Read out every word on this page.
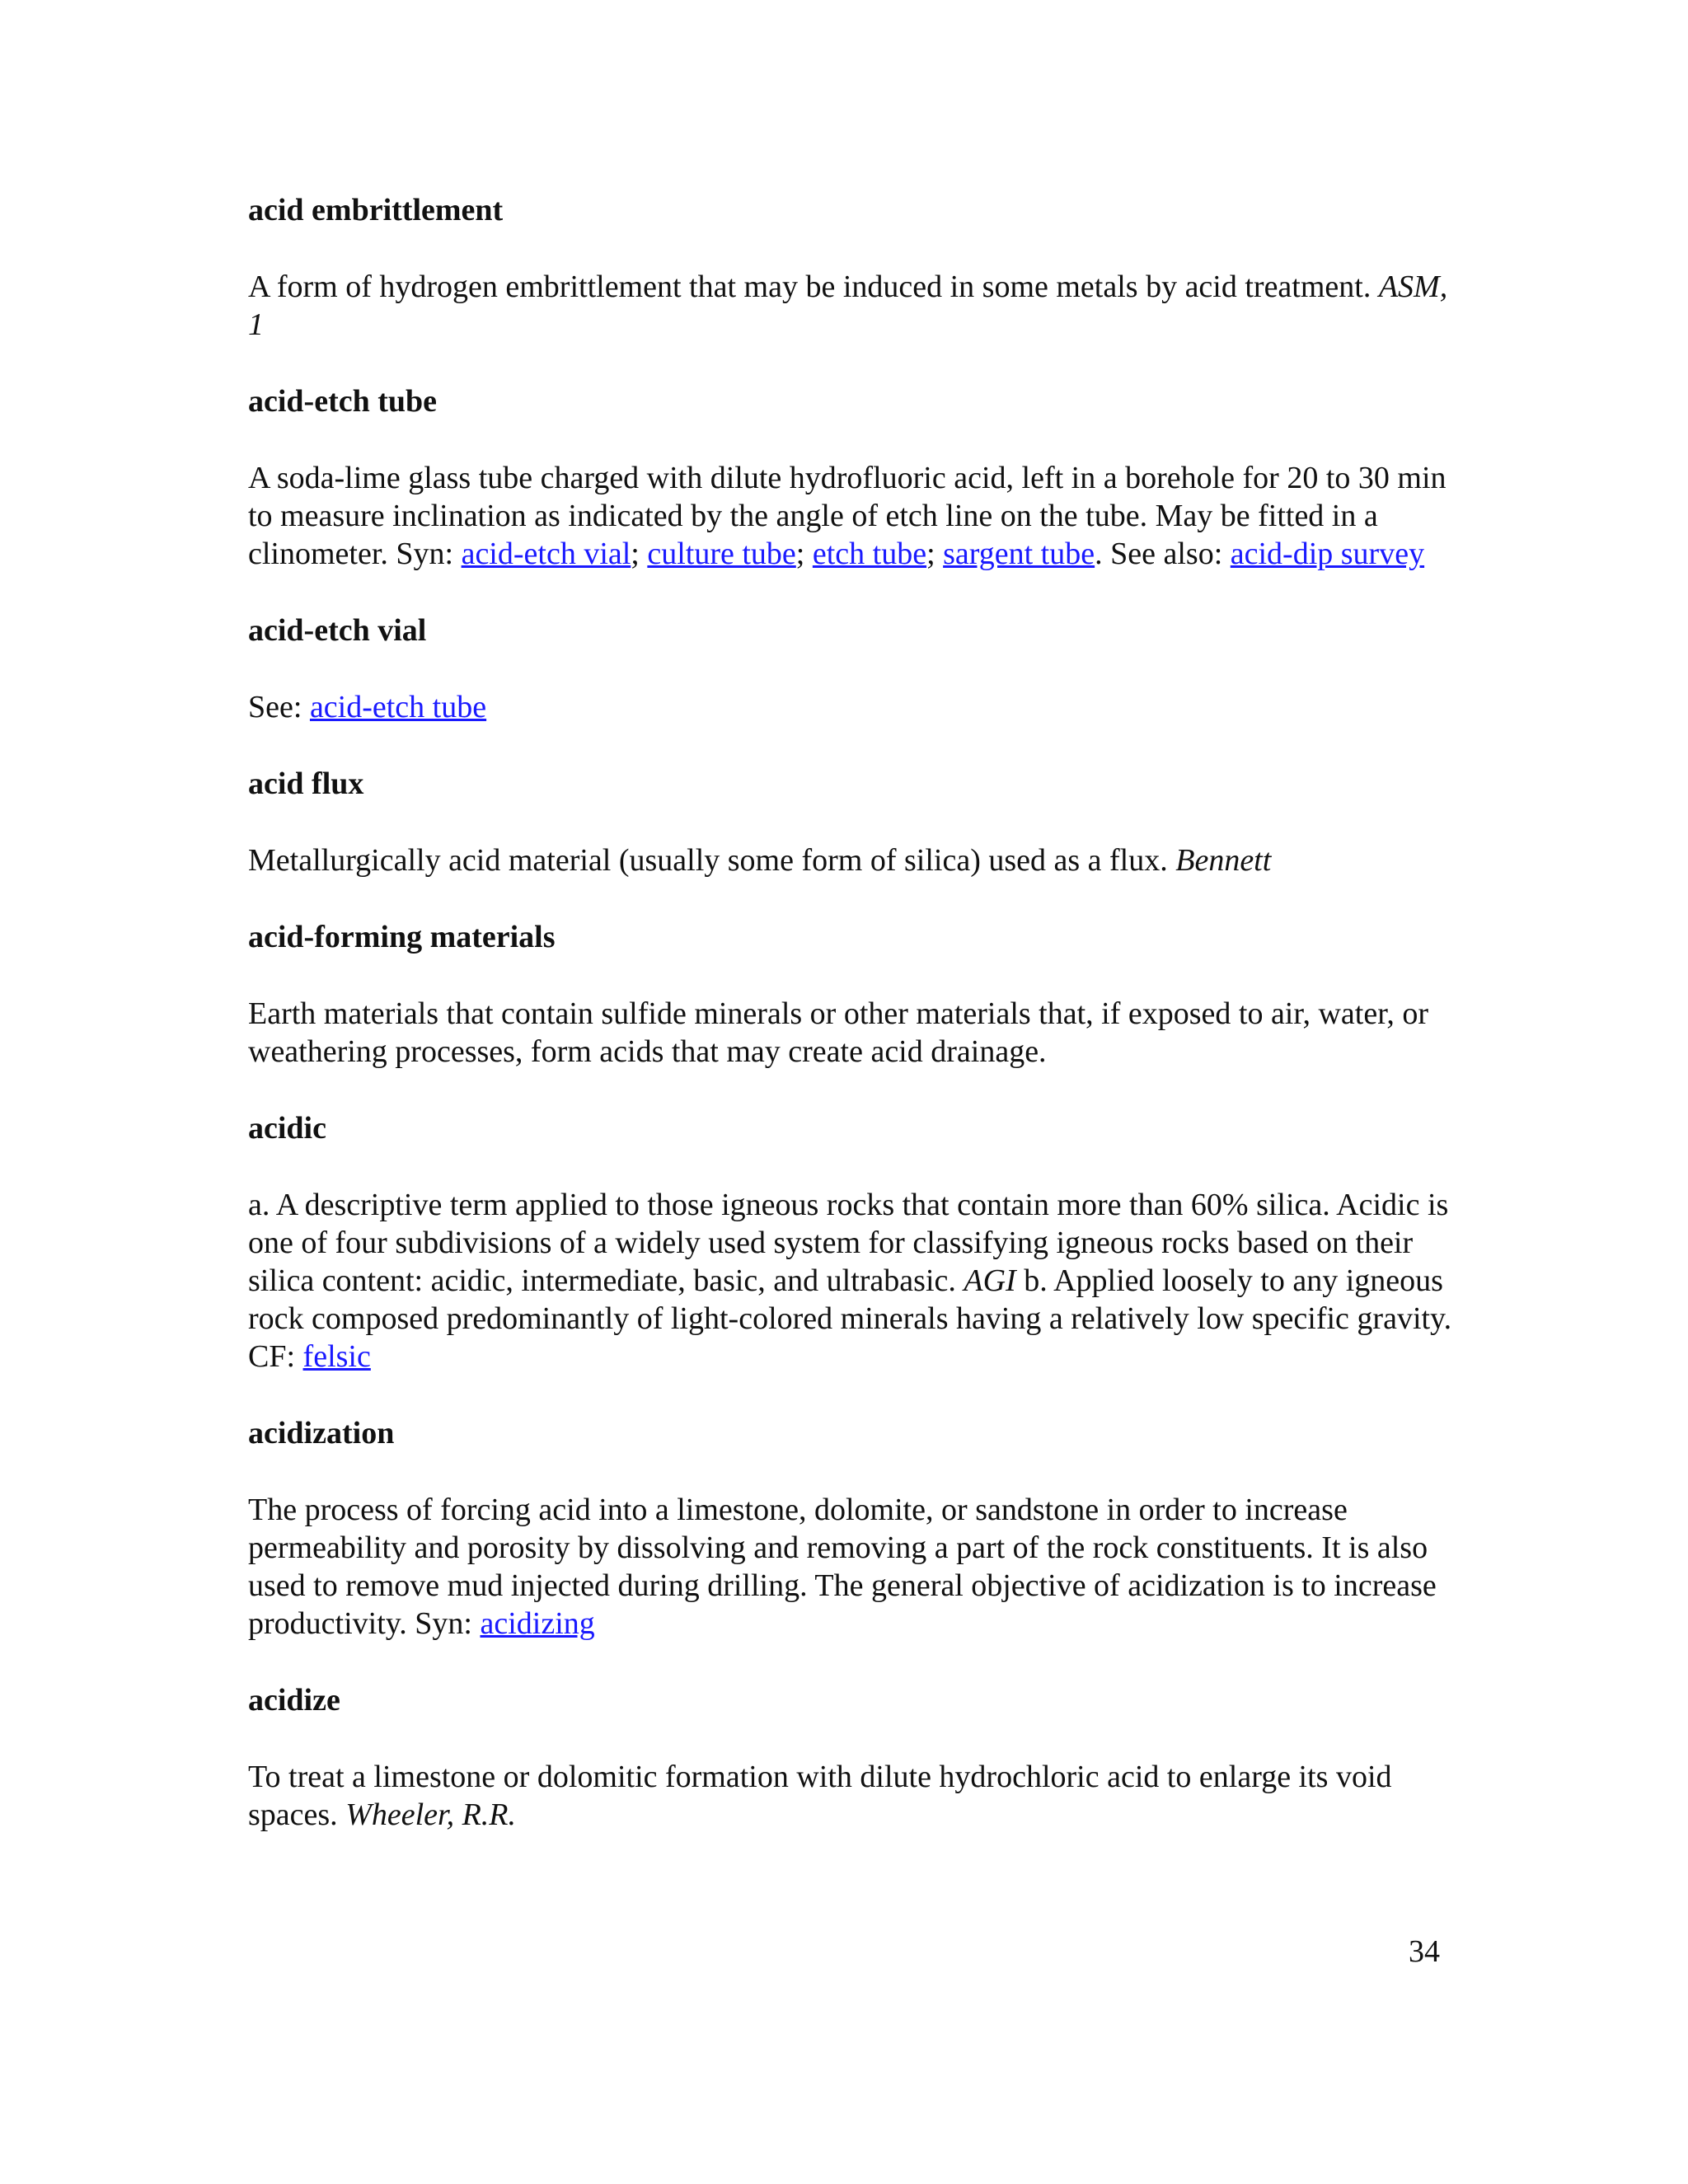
acid embrittlement
A form of hydrogen embrittlement that may be induced in some metals by acid treatment. ASM, 1
acid-etch tube
A soda-lime glass tube charged with dilute hydrofluoric acid, left in a borehole for 20 to 30 min to measure inclination as indicated by the angle of etch line on the tube. May be fitted in a clinometer. Syn: acid-etch vial; culture tube; etch tube; sargent tube. See also: acid-dip survey
acid-etch vial
See: acid-etch tube
acid flux
Metallurgically acid material (usually some form of silica) used as a flux. Bennett
acid-forming materials
Earth materials that contain sulfide minerals or other materials that, if exposed to air, water, or weathering processes, form acids that may create acid drainage.
acidic
a. A descriptive term applied to those igneous rocks that contain more than 60% silica. Acidic is one of four subdivisions of a widely used system for classifying igneous rocks based on their silica content: acidic, intermediate, basic, and ultrabasic. AGI b. Applied loosely to any igneous rock composed predominantly of light-colored minerals having a relatively low specific gravity. CF: felsic
acidization
The process of forcing acid into a limestone, dolomite, or sandstone in order to increase permeability and porosity by dissolving and removing a part of the rock constituents. It is also used to remove mud injected during drilling. The general objective of acidization is to increase productivity. Syn: acidizing
acidize
To treat a limestone or dolomitic formation with dilute hydrochloric acid to enlarge its void spaces. Wheeler, R.R.
34
